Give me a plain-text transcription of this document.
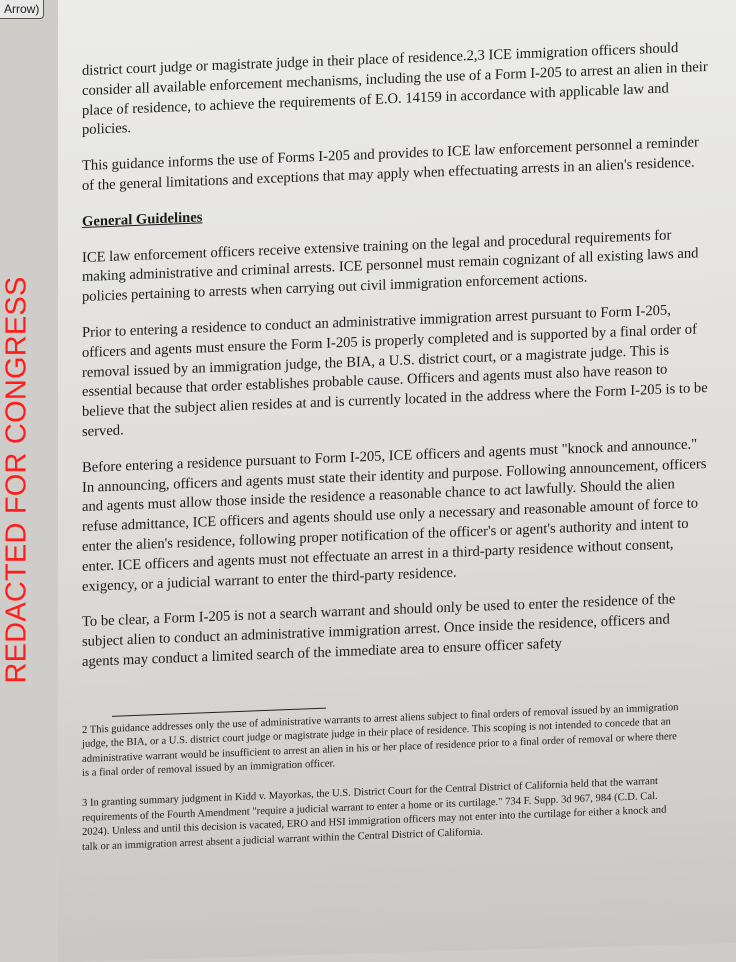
Arrow)
REDACTED FOR CONGRESS

district court judge or magistrate judge in their place of residence.2,3 ICE immigration officers should consider all available enforcement mechanisms, including the use of a Form I-205 to arrest an alien in their place of residence, to achieve the requirements of E.O. 14159 in accordance with applicable law and policies.

This guidance informs the use of Forms I-205 and provides to ICE law enforcement personnel a reminder of the general limitations and exceptions that may apply when effectuating arrests in an alien's residence.

General Guidelines

ICE law enforcement officers receive extensive training on the legal and procedural requirements for making administrative and criminal arrests. ICE personnel must remain cognizant of all existing laws and policies pertaining to arrests when carrying out civil immigration enforcement actions.

Prior to entering a residence to conduct an administrative immigration arrest pursuant to Form I-205, officers and agents must ensure the Form I-205 is properly completed and is supported by a final order of removal issued by an immigration judge, the BIA, a U.S. district court, or a magistrate judge. This is essential because that order establishes probable cause. Officers and agents must also have reason to believe that the subject alien resides at and is currently located in the address where the Form I-205 is to be served.

Before entering a residence pursuant to Form I-205, ICE officers and agents must "knock and announce." In announcing, officers and agents must state their identity and purpose. Following announcement, officers and agents must allow those inside the residence a reasonable chance to act lawfully. Should the alien refuse admittance, ICE officers and agents should use only a necessary and reasonable amount of force to enter the alien's residence, following proper notification of the officer's or agent's authority and intent to enter. ICE officers and agents must not effectuate an arrest in a third-party residence without consent, exigency, or a judicial warrant to enter the third-party residence.

To be clear, a Form I-205 is not a search warrant and should only be used to enter the residence of the subject alien to conduct an administrative immigration arrest. Once inside the residence, officers and agents may conduct a limited search of the immediate area to ensure officer safety

2 This guidance addresses only the use of administrative warrants to arrest aliens subject to final orders of removal issued by an immigration judge, the BIA, or a U.S. district court judge or magistrate judge in their place of residence. This scoping is not intended to concede that an administrative warrant would be insufficient to arrest an alien in his or her place of residence prior to a final order of removal or where there is a final order of removal issued by an immigration officer.

3 In granting summary judgment in Kidd v. Mayorkas, the U.S. District Court for the Central District of California held that the warrant requirements of the Fourth Amendment "require a judicial warrant to enter a home or its curtilage." 734 F. Supp. 3d 967, 984 (C.D. Cal. 2024). Unless and until this decision is vacated, ERO and HSI immigration officers may not enter into the curtilage for either a knock and talk or an immigration arrest absent a judicial warrant within the Central District of California.
